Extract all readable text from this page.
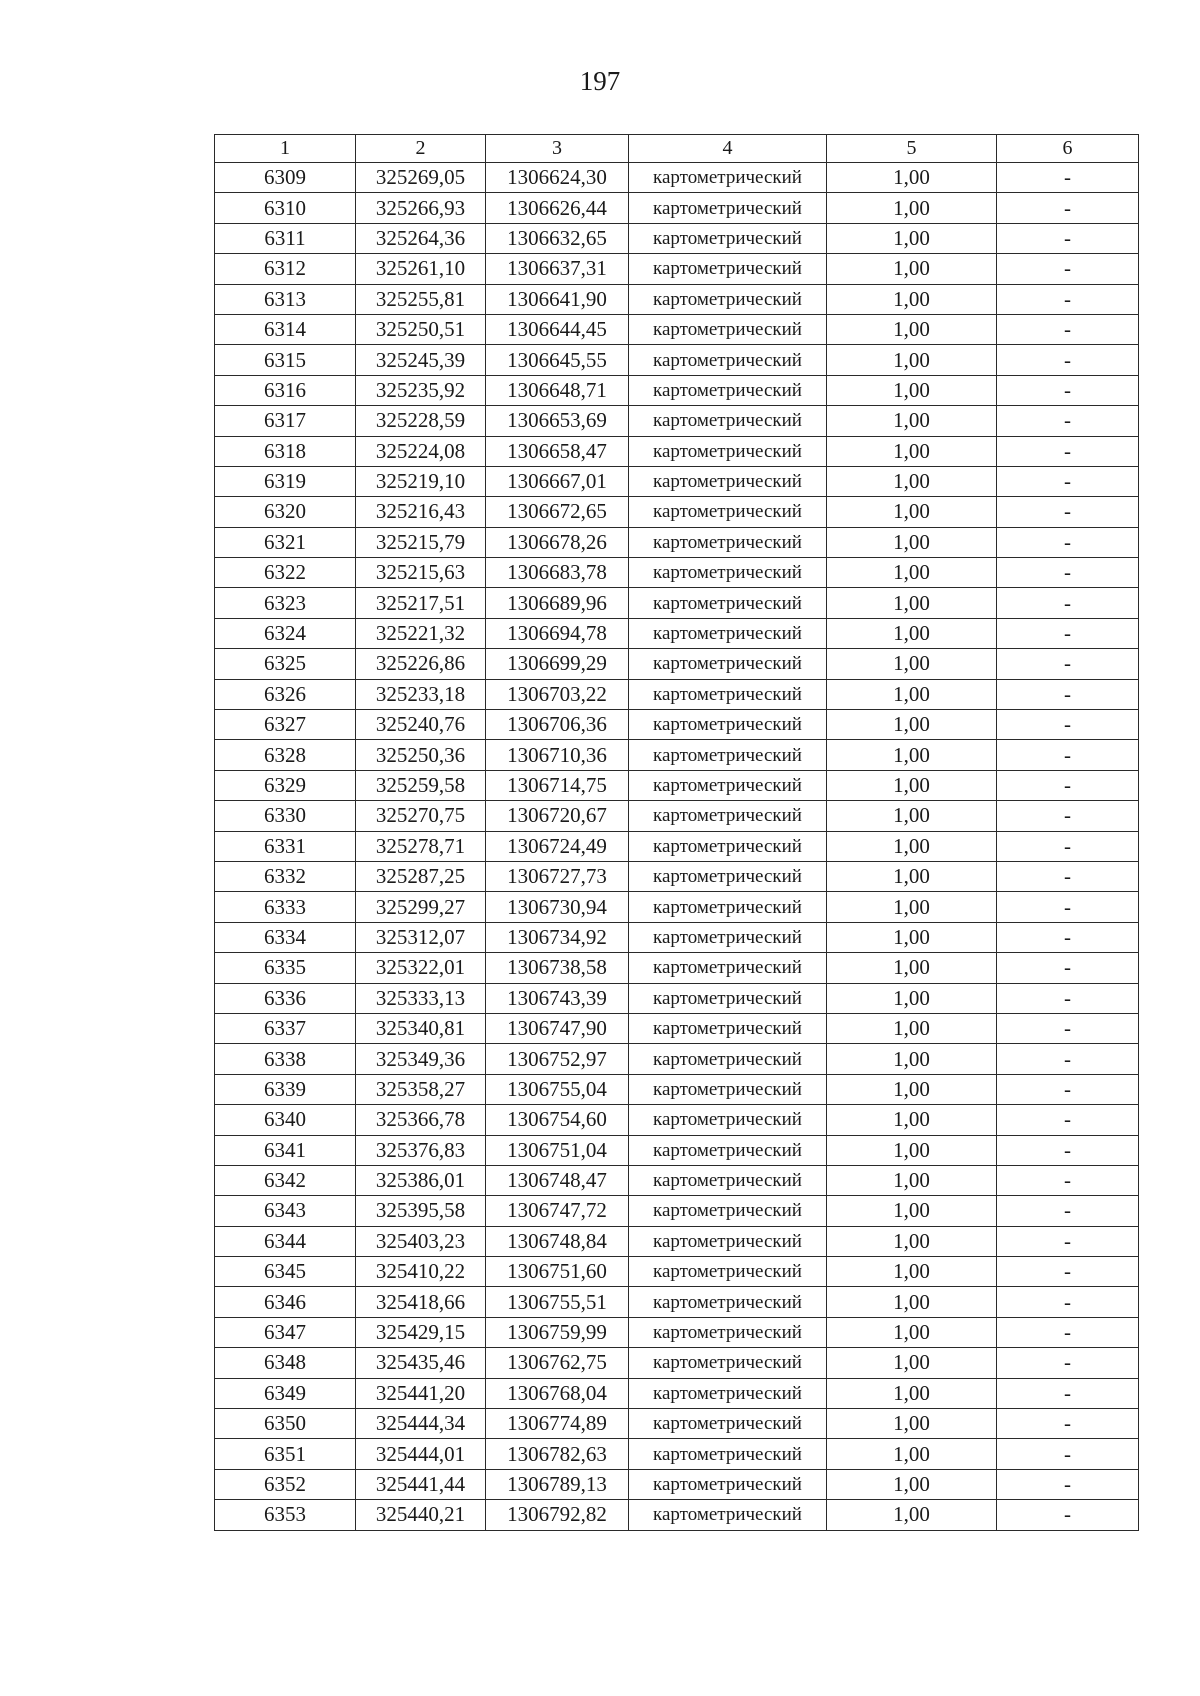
197
1	2	3	4	5	6
6309	325269,05	1306624,30	картометрический	1,00	-
6310	325266,93	1306626,44	картометрический	1,00	-
6311	325264,36	1306632,65	картометрический	1,00	-
6312	325261,10	1306637,31	картометрический	1,00	-
6313	325255,81	1306641,90	картометрический	1,00	-
6314	325250,51	1306644,45	картометрический	1,00	-
6315	325245,39	1306645,55	картометрический	1,00	-
6316	325235,92	1306648,71	картометрический	1,00	-
6317	325228,59	1306653,69	картометрический	1,00	-
6318	325224,08	1306658,47	картометрический	1,00	-
6319	325219,10	1306667,01	картометрический	1,00	-
6320	325216,43	1306672,65	картометрический	1,00	-
6321	325215,79	1306678,26	картометрический	1,00	-
6322	325215,63	1306683,78	картометрический	1,00	-
6323	325217,51	1306689,96	картометрический	1,00	-
6324	325221,32	1306694,78	картометрический	1,00	-
6325	325226,86	1306699,29	картометрический	1,00	-
6326	325233,18	1306703,22	картометрический	1,00	-
6327	325240,76	1306706,36	картометрический	1,00	-
6328	325250,36	1306710,36	картометрический	1,00	-
6329	325259,58	1306714,75	картометрический	1,00	-
6330	325270,75	1306720,67	картометрический	1,00	-
6331	325278,71	1306724,49	картометрический	1,00	-
6332	325287,25	1306727,73	картометрический	1,00	-
6333	325299,27	1306730,94	картометрический	1,00	-
6334	325312,07	1306734,92	картометрический	1,00	-
6335	325322,01	1306738,58	картометрический	1,00	-
6336	325333,13	1306743,39	картометрический	1,00	-
6337	325340,81	1306747,90	картометрический	1,00	-
6338	325349,36	1306752,97	картометрический	1,00	-
6339	325358,27	1306755,04	картометрический	1,00	-
6340	325366,78	1306754,60	картометрический	1,00	-
6341	325376,83	1306751,04	картометрический	1,00	-
6342	325386,01	1306748,47	картометрический	1,00	-
6343	325395,58	1306747,72	картометрический	1,00	-
6344	325403,23	1306748,84	картометрический	1,00	-
6345	325410,22	1306751,60	картометрический	1,00	-
6346	325418,66	1306755,51	картометрический	1,00	-
6347	325429,15	1306759,99	картометрический	1,00	-
6348	325435,46	1306762,75	картометрический	1,00	-
6349	325441,20	1306768,04	картометрический	1,00	-
6350	325444,34	1306774,89	картометрический	1,00	-
6351	325444,01	1306782,63	картометрический	1,00	-
6352	325441,44	1306789,13	картометрический	1,00	-
6353	325440,21	1306792,82	картометрический	1,00	-
